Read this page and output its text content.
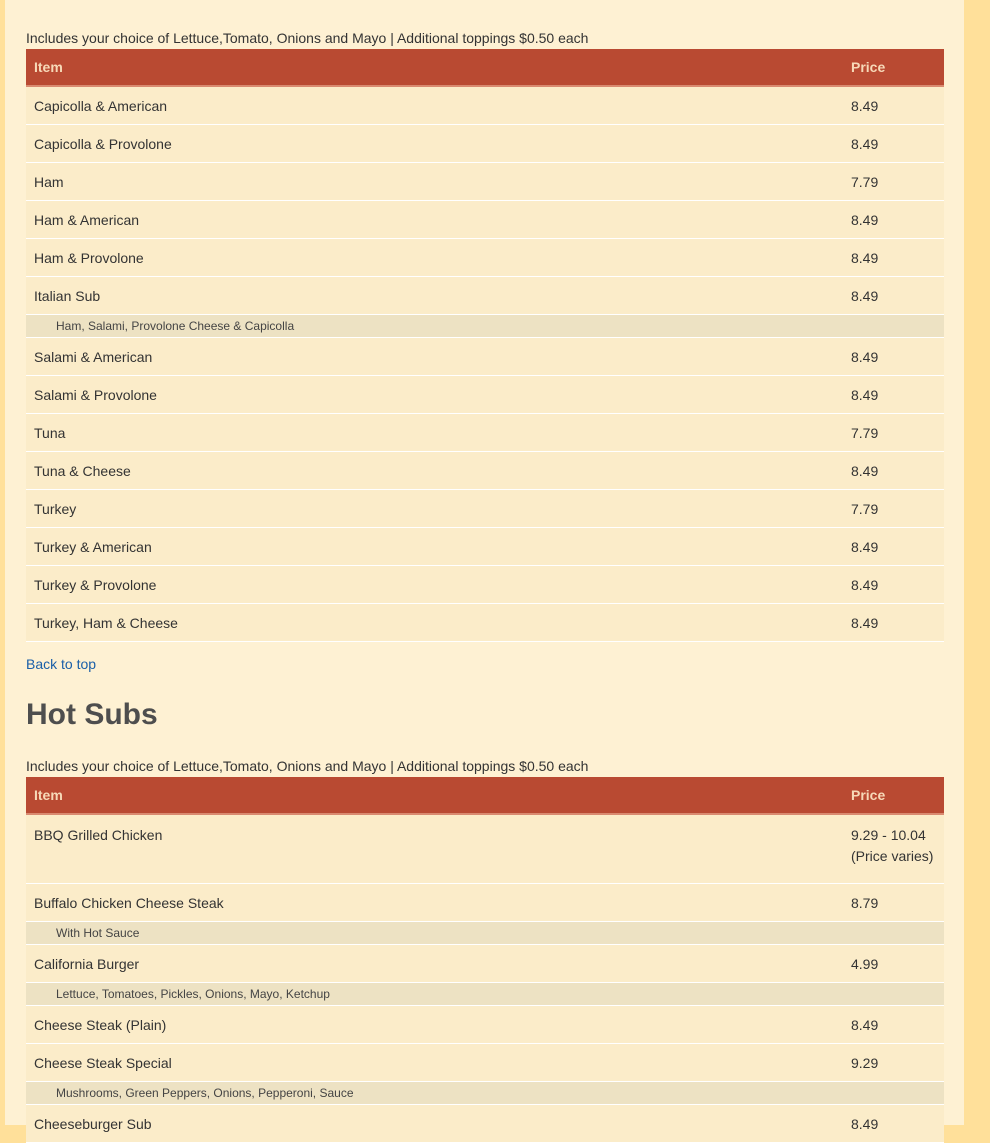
Includes your choice of Lettuce,Tomato, Onions and Mayo | Additional toppings $0.50 each

Item	Price
Capicolla & American	8.49
Capicolla & Provolone	8.49
Ham	7.79
Ham & American	8.49
Ham & Provolone	8.49
Italian Sub	8.49
Ham, Salami, Provolone Cheese & Capicolla	
Salami & American	8.49
Salami & Provolone	8.49
Tuna	7.79
Tuna & Cheese	8.49
Turkey	7.79
Turkey & American	8.49
Turkey & Provolone	8.49
Turkey, Ham & Cheese	8.49
Back to top
Hot Subs

Includes your choice of Lettuce,Tomato, Onions and Mayo | Additional toppings $0.50 each

Item	Price
BBQ Grilled Chicken	9.29 - 10.04
(Price varies)
Buffalo Chicken Cheese Steak	8.79
With Hot Sauce	
California Burger	4.99
Lettuce, Tomatoes, Pickles, Onions, Mayo, Ketchup	
Cheese Steak (Plain)	8.49
Cheese Steak Special	9.29
Mushrooms, Green Peppers, Onions, Pepperoni, Sauce	
Cheeseburger Sub	8.49
